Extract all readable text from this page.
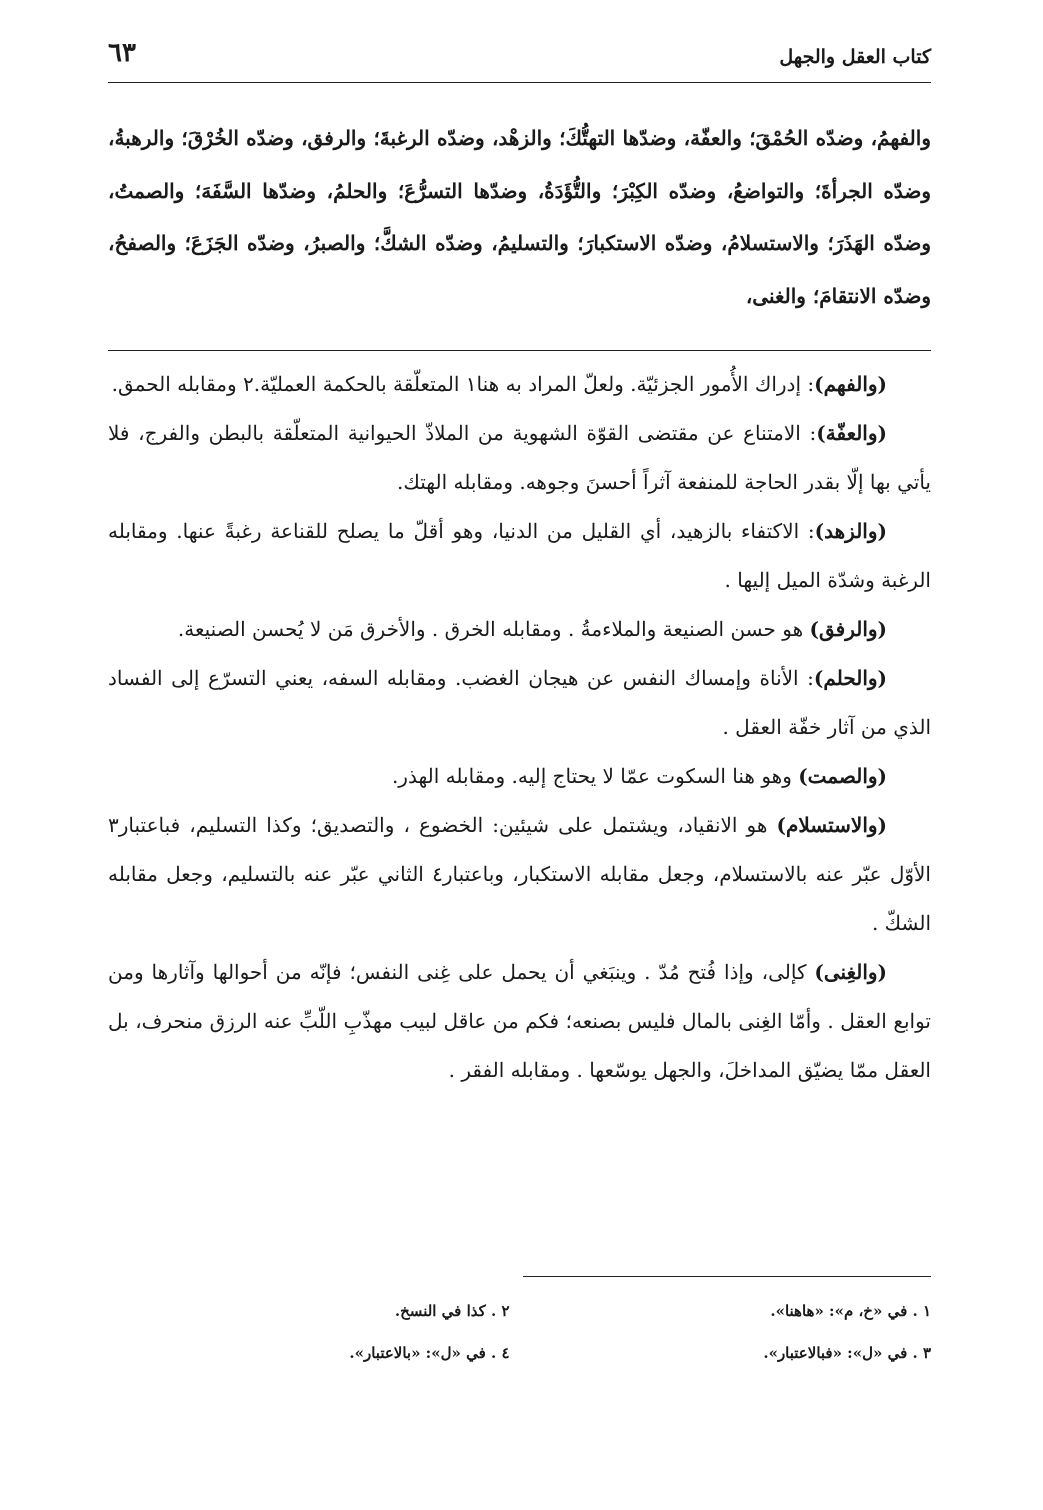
كتاب العقل والجهل
٦٣
والفهمُ، وضدّه الحُمْقَ؛ والعفّة، وضدّها التهتُّكَ؛ والزهْد، وضدّه الرغبةَ؛ والرفق، وضدّه الخُرْقَ؛ والرهبةُ، وضدّه الجرأةَ؛ والتواضعُ، وضدّه الكِبْرَ؛ والتُّؤَدَةُ، وضدّها التسرُّعَ؛ والحلمُ، وضدّها السَّفَهَ؛ والصمتُ، وضدّه الهَذَرَ؛ والاستسلامُ، وضدّه الاستكبارَ؛ والتسليمُ، وضدّه الشكَّ؛ والصبرُ، وضدّه الجَزَعَ؛ والصفحُ، وضدّه الانتقامَ؛ والغنى،

(والفهم): إدراك الأُمور الجزئيّة. ولعلّ المراد به هنا١ المتعلّقة بالحكمة العمليّة.٢ ومقابله الحمق.

(والعفّة): الامتناع عن مقتضى القوّة الشهوية من الملاذّ الحيوانية المتعلّقة بالبطن والفرج، فلا يأتي بها إلّا بقدر الحاجة للمنفعة آثراً أحسنَ وجوهه. ومقابله الهتك.

(والزهد): الاكتفاء بالزهيد، أي القليل من الدنيا، وهو أقلّ ما يصلح للقناعة رغبةً عنها. ومقابله الرغبة وشدّة الميل إليها .

(والرفق) هو حسن الصنيعة والملاءمةُ . ومقابله الخرق . والأخرق مَن لا يُحسن الصنيعة.

(والحلم): الأناة وإمساك النفس عن هيجان الغضب. ومقابله السفه، يعني التسرّع إلى الفساد الذي من آثار خفّة العقل .

(والصمت) وهو هنا السكوت عمّا لا يحتاج إليه. ومقابله الهذر.

(والاستسلام) هو الانقياد، ويشتمل على شيئين: الخضوع ، والتصديق؛ وكذا التسليم، فباعتبار٣ الأوّل عبّر عنه بالاستسلام، وجعل مقابله الاستكبار، وباعتبار٤ الثاني عبّر عنه بالتسليم، وجعل مقابله الشكّ .

(والغِنى) كإلى، وإذا فُتح مُدّ . وينبَغي أن يحمل على غِنى النفس؛ فإنّه من أحوالها وآثارها ومن توابع العقل . وأمّا الغِنى بالمال فليس بصنعه؛ فكم من عاقل لبيب مهذّبِ اللّبِّ عنه الرزق منحرف، بل العقل ممّا يضيّق المداخلَ، والجهل يوسّعها . ومقابله الفقر .

١ . في «خ، م»: «هاهنا».
٢ . كذا في النسخ.
٣ . في «ل»: «فبالاعتبار».
٤ . في «ل»: «بالاعتبار».
